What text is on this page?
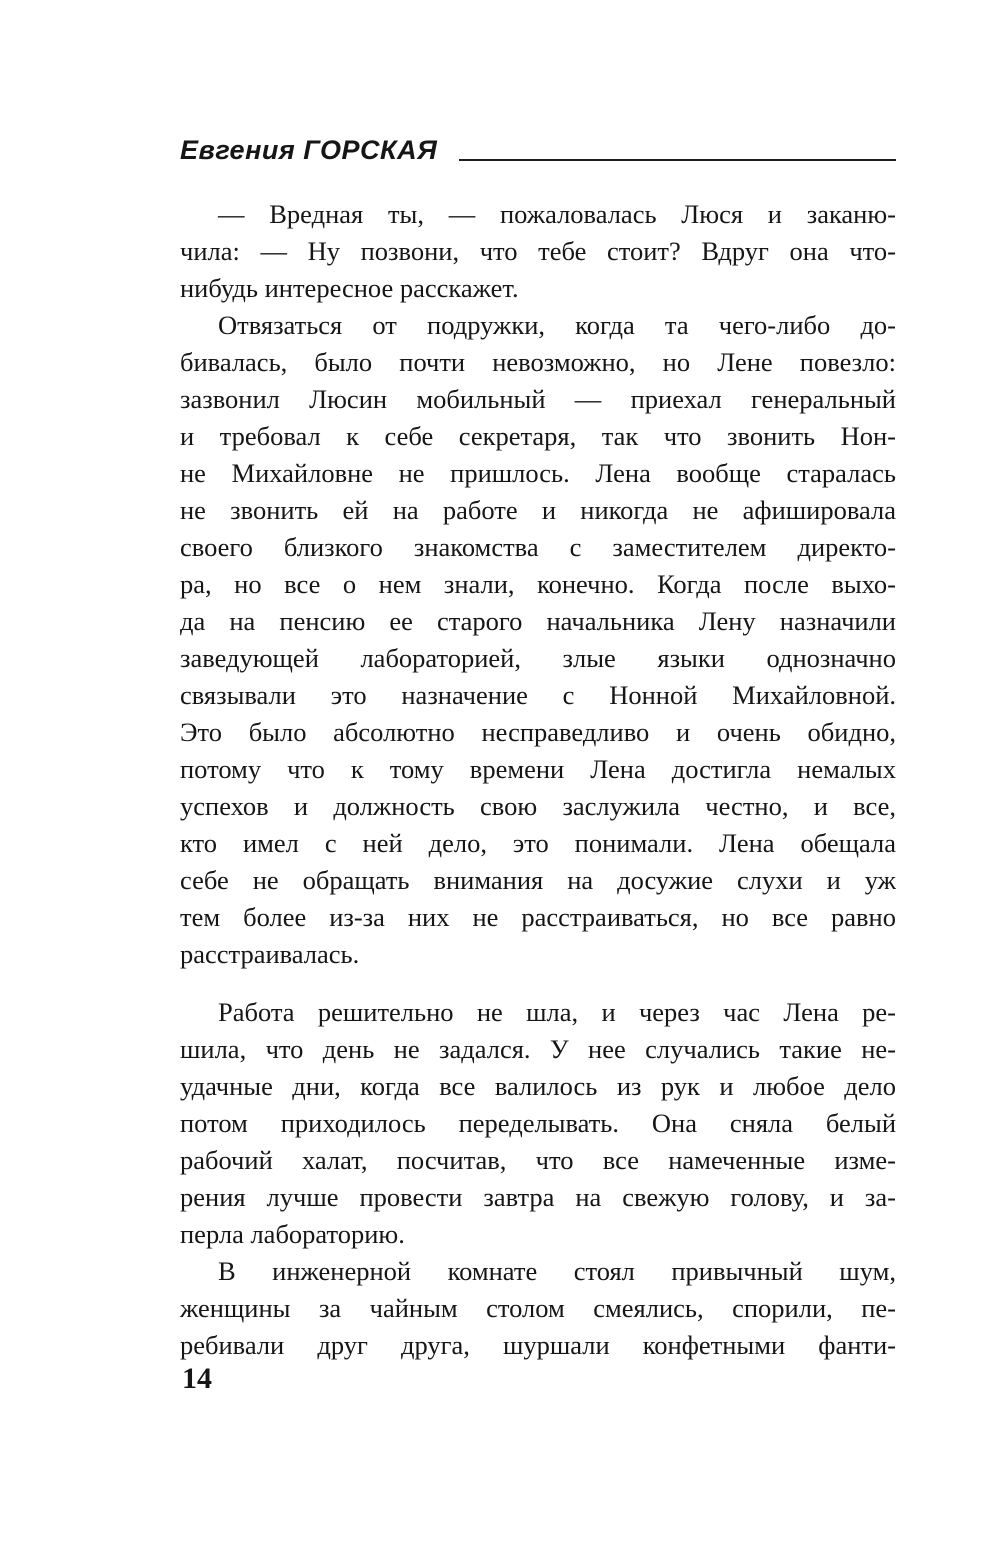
Евгения ГОРСКАЯ
— Вредная ты, — пожаловалась Люся и заканю-
чила: — Ну позвони, что тебе стоит? Вдруг она что-
нибудь интересное расскажет.
Отвязаться от подружки, когда та чего-либо до-
бивалась, было почти невозможно, но Лене повезло:
зазвонил Люсин мобильный — приехал генеральный
и требовал к себе секретаря, так что звонить Нон-
не Михайловне не пришлось. Лена вообще старалась
не звонить ей на работе и никогда не афишировала
своего близкого знакомства с заместителем директо-
ра, но все о нем знали, конечно. Когда после выхо-
да на пенсию ее старого начальника Лену назначили
заведующей лабораторией, злые языки однозначно
связывали это назначение с Нонной Михайловной.
Это было абсолютно несправедливо и очень обидно,
потому что к тому времени Лена достигла немалых
успехов и должность свою заслужила честно, и все,
кто имел с ней дело, это понимали. Лена обещала
себе не обращать внимания на досужие слухи и уж
тем более из-за них не расстраиваться, но все равно
расстраивалась.
Работа решительно не шла, и через час Лена ре-
шила, что день не задался. У нее случались такие не-
удачные дни, когда все валилось из рук и любое дело
потом приходилось переделывать. Она сняла белый
рабочий халат, посчитав, что все намеченные изме-
рения лучше провести завтра на свежую голову, и за-
перла лабораторию.
В инженерной комнате стоял привычный шум,
женщины за чайным столом смеялись, спорили, пе-
ребивали друг друга, шуршали конфетными фанти-
14
